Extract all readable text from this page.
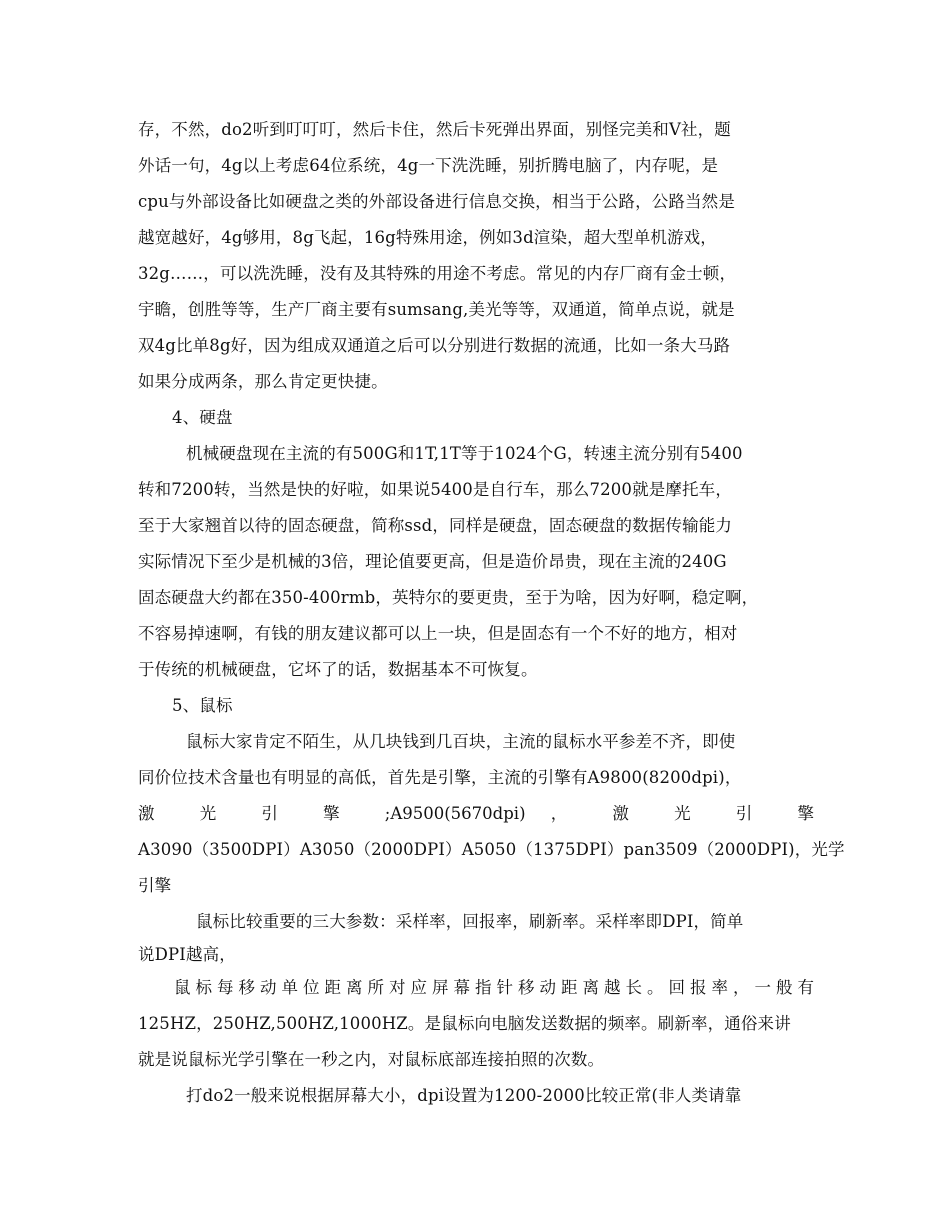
存，不然，do2听到叮叮叮，然后卡住，然后卡死弹出界面，别怪完美和V社，题
外话一句，4g以上考虑64位系统，4g一下洗洗睡，别折腾电脑了，内存呢，是
cpu与外部设备比如硬盘之类的外部设备进行信息交换，相当于公路，公路当然是
越宽越好，4g够用，8g飞起，16g特殊用途，例如3d渲染，超大型单机游戏，
32g……，可以洗洗睡，没有及其特殊的用途不考虑。常见的内存厂商有金士顿，
宇瞻，创胜等等，生产厂商主要有sumsang,美光等等，双通道，简单点说，就是
双4g比单8g好，因为组成双通道之后可以分别进行数据的流通，比如一条大马路
如果分成两条，那么肯定更快捷。
4、硬盘
机械硬盘现在主流的有500G和1T,1T等于1024个G，转速主流分别有5400
转和7200转，当然是快的好啦，如果说5400是自行车，那么7200就是摩托车，
至于大家翘首以待的固态硬盘，简称ssd，同样是硬盘，固态硬盘的数据传输能力
实际情况下至少是机械的3倍，理论值要更高，但是造价昂贵，现在主流的240G
固态硬盘大约都在350-400rmb，英特尔的要更贵，至于为啥，因为好啊，稳定啊，
不容易掉速啊，有钱的朋友建议都可以上一块，但是固态有一个不好的地方，相对
于传统的机械硬盘，它坏了的话，数据基本不可恢复。
5、鼠标
鼠标大家肯定不陌生，从几块钱到几百块，主流的鼠标水平参差不齐，即使
同价位技术含量也有明显的高低，首先是引擎，主流的引擎有A9800(8200dpi)，
激 光 引 擎 ;A9500(5670dpi) ， 激 光 引 擎
A3090（3500DPI）A3050（2000DPI）A5050（1375DPI）pan3509（2000DPI)，光学
引擎
鼠标比较重要的三大参数：采样率，回报率，刷新率。采样率即DPI，简单
说DPI越高，
鼠标每移动单位距离所对应屏幕指针移动距离越长。回报率，一般有
125HZ，250HZ,500HZ,1000HZ。是鼠标向电脑发送数据的频率。刷新率，通俗来讲
就是说鼠标光学引擎在一秒之内，对鼠标底部连接拍照的次数。
打do2一般来说根据屏幕大小，dpi设置为1200-2000比较正常(非人类请靠
